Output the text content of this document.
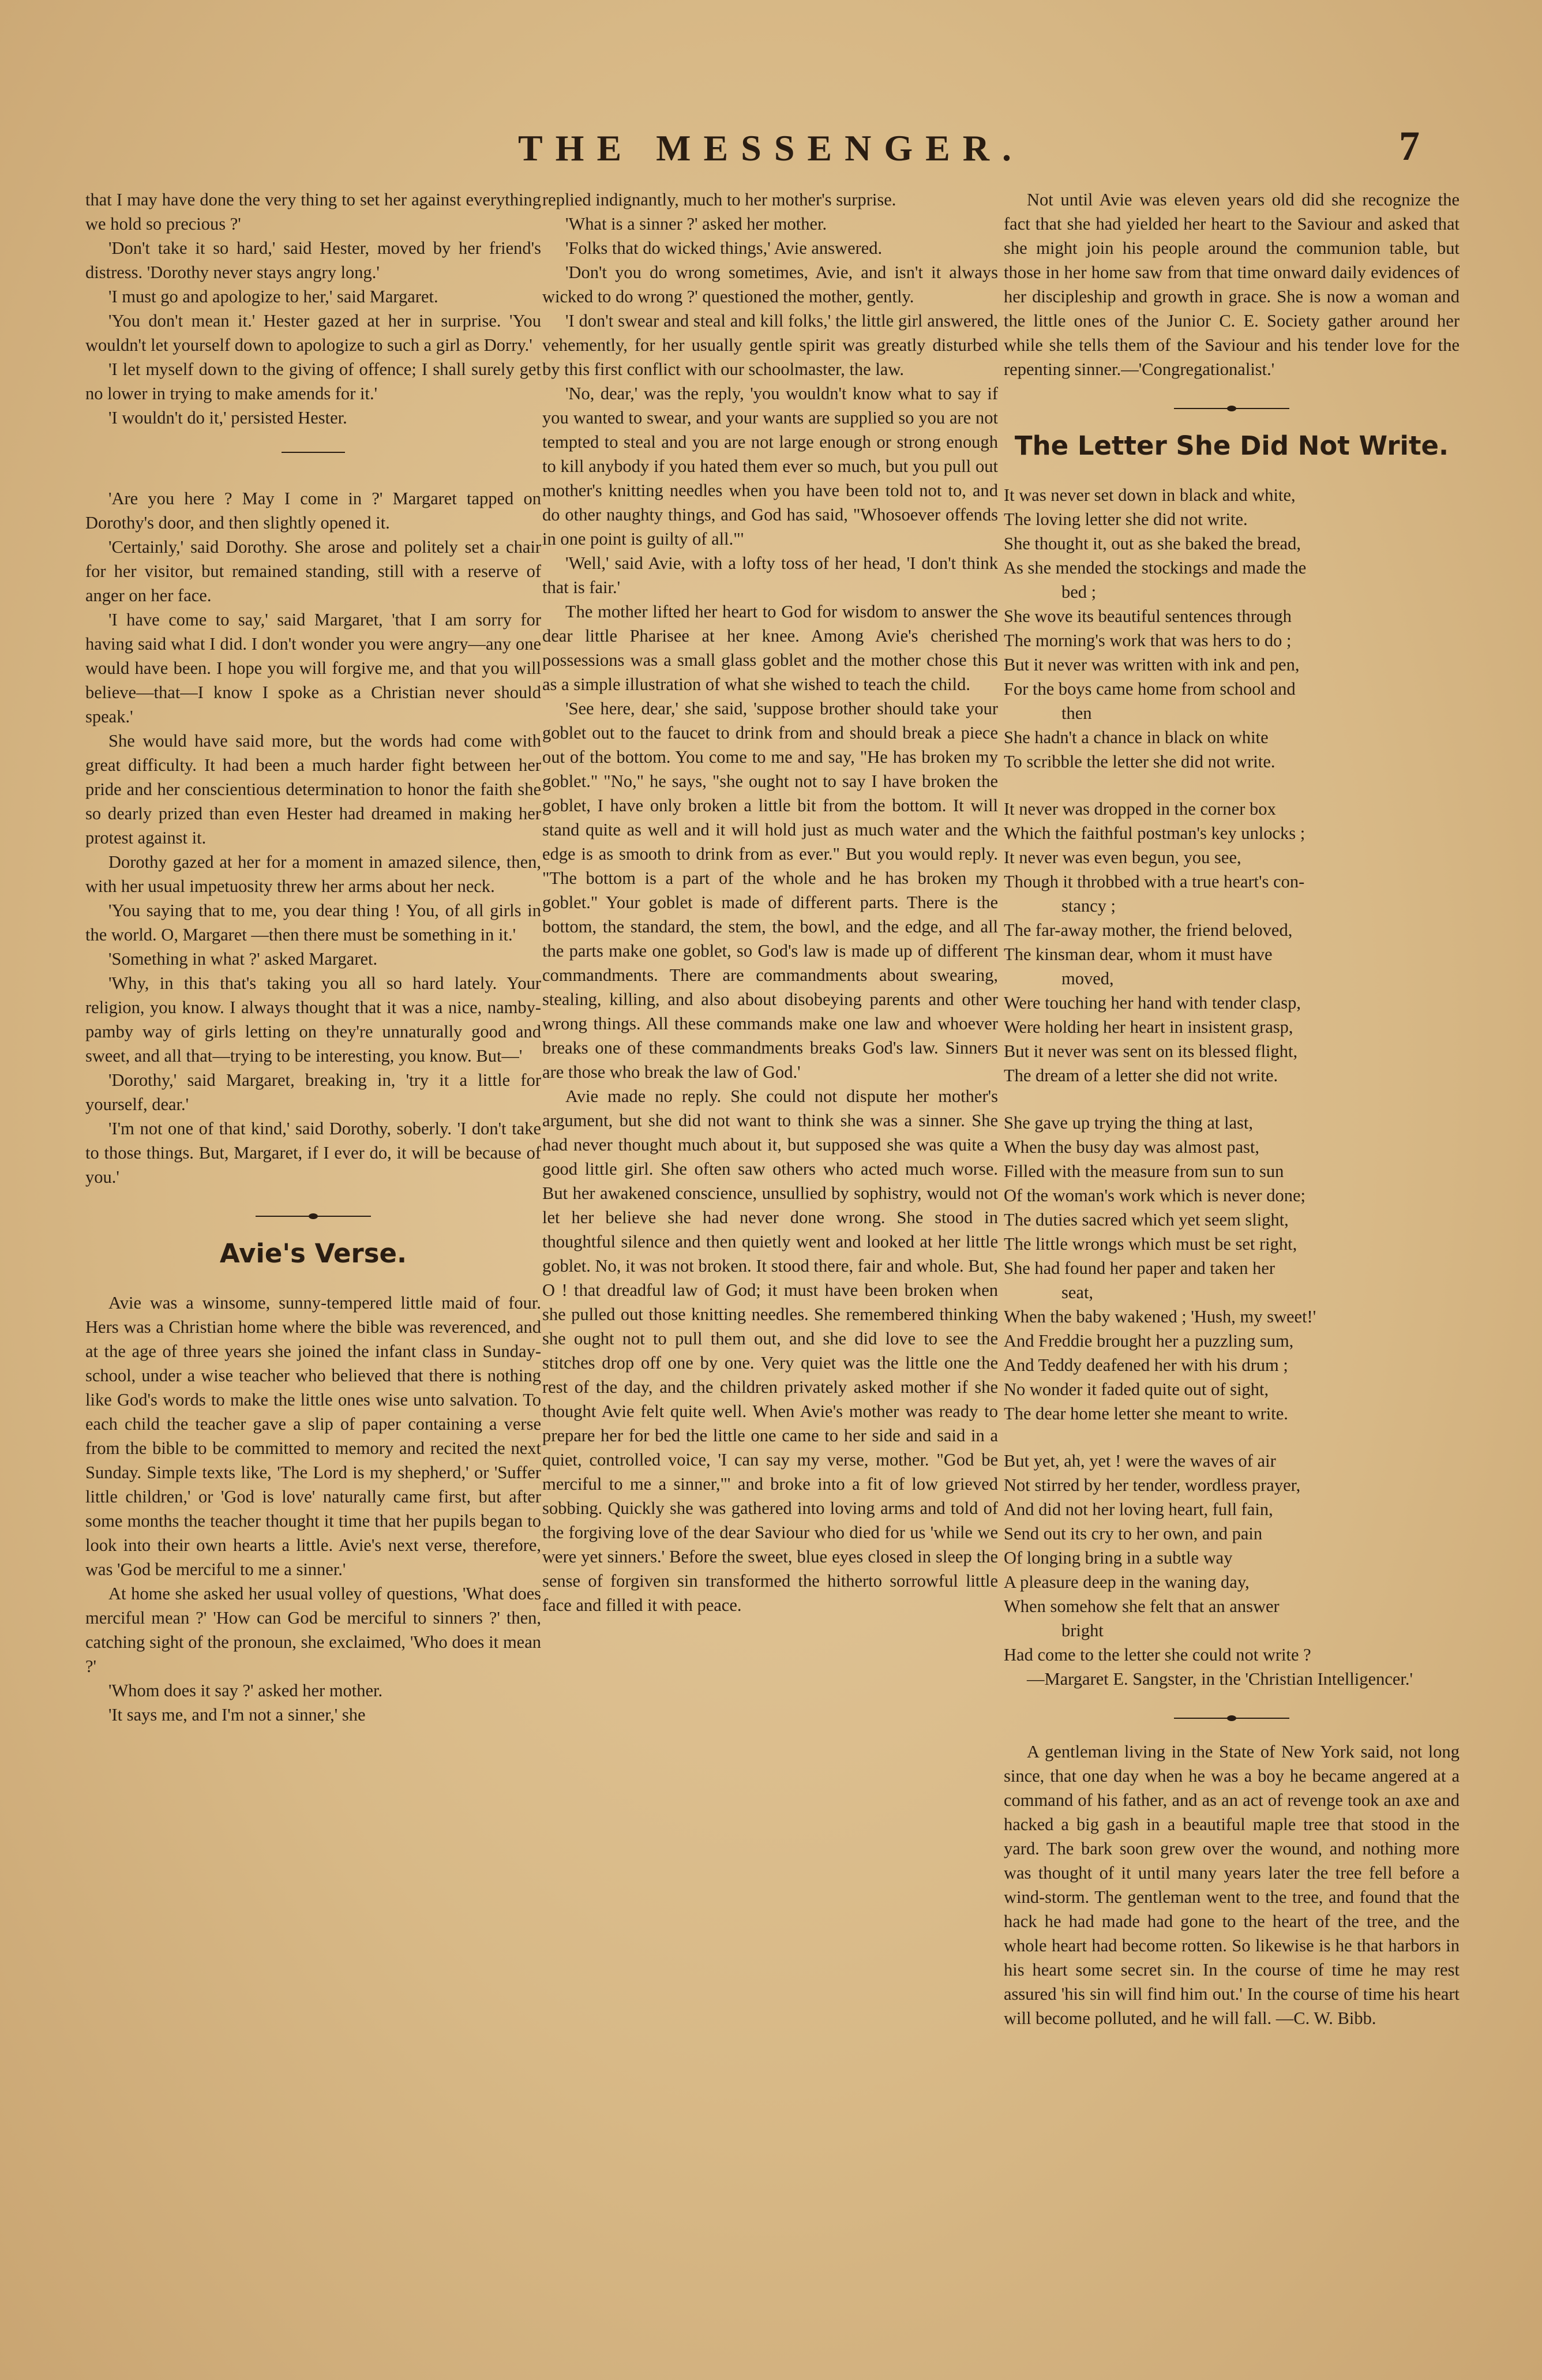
THE MESSENGER.	7

that I may have done the very thing to set her against everything we hold so precious ?'

'Don't take it so hard,' said Hester, moved by her friend's distress. 'Dorothy never stays angry long.'

'I must go and apologize to her,' said Margaret.

'You don't mean it.' Hester gazed at her in surprise. 'You wouldn't let yourself down to apologize to such a girl as Dorry.'

'I let myself down to the giving of offence; I shall surely get no lower in trying to make amends for it.'

'I wouldn't do it,' persisted Hester.

'Are you here ? May I come in ?' Margaret tapped on Dorothy's door, and then slightly opened it.

'Certainly,' said Dorothy. She arose and politely set a chair for her visitor, but remained standing, still with a reserve of anger on her face.

'I have come to say,' said Margaret, 'that I am sorry for having said what I did. I don't wonder you were angry—any one would have been. I hope you will forgive me, and that you will believe—that—I know I spoke as a Christian never should speak.'

She would have said more, but the words had come with great difficulty. It had been a much harder fight between her pride and her conscientious determination to honor the faith she so dearly prized than even Hester had dreamed in making her protest against it.

Dorothy gazed at her for a moment in amazed silence, then, with her usual impetuosity threw her arms about her neck.

'You saying that to me, you dear thing ! You, of all girls in the world. O, Margaret —then there must be something in it.'

'Something in what ?' asked Margaret.

'Why, in this that's taking you all so hard lately. Your religion, you know. I always thought that it was a nice, namby-pamby way of girls letting on they're unnaturally good and sweet, and all that—trying to be interesting, you know. But—'

'Dorothy,' said Margaret, breaking in, 'try it a little for yourself, dear.'

'I'm not one of that kind,' said Dorothy, soberly. 'I don't take to those things. But, Margaret, if I ever do, it will be because of you.'

Avie's Verse.

Avie was a winsome, sunny-tempered little maid of four. Hers was a Christian home where the bible was reverenced, and at the age of three years she joined the infant class in Sunday-school, under a wise teacher who believed that there is nothing like God's words to make the little ones wise unto salvation. To each child the teacher gave a slip of paper containing a verse from the bible to be committed to memory and recited the next Sunday. Simple texts like, 'The Lord is my shepherd,' or 'Suffer little children,' or 'God is love' naturally came first, but after some months the teacher thought it time that her pupils began to look into their own hearts a little. Avie's next verse, therefore, was 'God be merciful to me a sinner.'

At home she asked her usual volley of questions, 'What does merciful mean ?' 'How can God be merciful to sinners ?' then, catching sight of the pronoun, she exclaimed, 'Who does it mean ?'

'Whom does it say ?' asked her mother.

'It says me, and I'm not a sinner,' she

replied indignantly, much to her mother's surprise.

'What is a sinner ?' asked her mother.

'Folks that do wicked things,' Avie answered.

'Don't you do wrong sometimes, Avie, and isn't it always wicked to do wrong ?' questioned the mother, gently.

'I don't swear and steal and kill folks,' the little girl answered, vehemently, for her usually gentle spirit was greatly disturbed by this first conflict with our schoolmaster, the law.

'No, dear,' was the reply, 'you wouldn't know what to say if you wanted to swear, and your wants are supplied so you are not tempted to steal and you are not large enough or strong enough to kill anybody if you hated them ever so much, but you pull out mother's knitting needles when you have been told not to, and do other naughty things, and God has said, "Whosoever offends in one point is guilty of all."'

'Well,' said Avie, with a lofty toss of her head, 'I don't think that is fair.'

The mother lifted her heart to God for wisdom to answer the dear little Pharisee at her knee. Among Avie's cherished possessions was a small glass goblet and the mother chose this as a simple illustration of what she wished to teach the child.

'See here, dear,' she said, 'suppose brother should take your goblet out to the faucet to drink from and should break a piece out of the bottom. You come to me and say, "He has broken my goblet." "No," he says, "she ought not to say I have broken the goblet, I have only broken a little bit from the bottom. It will stand quite as well and it will hold just as much water and the edge is as smooth to drink from as ever." But you would reply. "The bottom is a part of the whole and he has broken my goblet." Your goblet is made of different parts. There is the bottom, the standard, the stem, the bowl, and the edge, and all the parts make one goblet, so God's law is made up of different commandments. There are commandments about swearing, stealing, killing, and also about disobeying parents and other wrong things. All these commands make one law and whoever breaks one of these commandments breaks God's law. Sinners are those who break the law of God.'

Avie made no reply. She could not dispute her mother's argument, but she did not want to think she was a sinner. She had never thought much about it, but supposed she was quite a good little girl. She often saw others who acted much worse. But her awakened conscience, unsullied by sophistry, would not let her believe she had never done wrong. She stood in thoughtful silence and then quietly went and looked at her little goblet. No, it was not broken. It stood there, fair and whole. But, O ! that dreadful law of God; it must have been broken when she pulled out those knitting needles. She remembered thinking she ought not to pull them out, and she did love to see the stitches drop off one by one. Very quiet was the little one the rest of the day, and the children privately asked mother if she thought Avie felt quite well. When Avie's mother was ready to prepare her for bed the little one came to her side and said in a quiet, controlled voice, 'I can say my verse, mother. "God be merciful to me a sinner,"' and broke into a fit of low grieved sobbing. Quickly she was gathered into loving arms and told of the forgiving love of the dear Saviour who died for us 'while we were yet sinners.' Before the sweet, blue eyes closed in sleep the sense of forgiven sin transformed the hitherto sorrowful little face and filled it with peace.

Not until Avie was eleven years old did she recognize the fact that she had yielded her heart to the Saviour and asked that she might join his people around the communion table, but those in her home saw from that time onward daily evidences of her discipleship and growth in grace. She is now a woman and the little ones of the Junior C. E. Society gather around her while she tells them of the Saviour and his tender love for the repenting sinner.—'Congregationalist.'

The Letter She Did Not Write.
It was never set down in black and white,
The loving letter she did not write.
She thought it, out as she baked the bread,
As she mended the stockings and made the
bed ;
She wove its beautiful sentences through
The morning's work that was hers to do ;
But it never was written with ink and pen,
For the boys came home from school and
then
She hadn't a chance in black on white
To scribble the letter she did not write.
It never was dropped in the corner box
Which the faithful postman's key unlocks ;
It never was even begun, you see,
Though it throbbed with a true heart's con-
stancy ;
The far-away mother, the friend beloved,
The kinsman dear, whom it must have
moved,
Were touching her hand with tender clasp,
Were holding her heart in insistent grasp,
But it never was sent on its blessed flight,
The dream of a letter she did not write.
She gave up trying the thing at last,
When the busy day was almost past,
Filled with the measure from sun to sun
Of the woman's work which is never done;
The duties sacred which yet seem slight,
The little wrongs which must be set right,
She had found her paper and taken her
seat,
When the baby wakened ; 'Hush, my sweet!'
And Freddie brought her a puzzling sum,
And Teddy deafened her with his drum ;
No wonder it faded quite out of sight,
The dear home letter she meant to write.
But yet, ah, yet ! were the waves of air
Not stirred by her tender, wordless prayer,
And did not her loving heart, full fain,
Send out its cry to her own, and pain
Of longing bring in a subtle way
A pleasure deep in the waning day,
When somehow she felt that an answer
bright
Had come to the letter she could not write ?

—Margaret E. Sangster, in the 'Christian Intelligencer.'

A gentleman living in the State of New York said, not long since, that one day when he was a boy he became angered at a command of his father, and as an act of revenge took an axe and hacked a big gash in a beautiful maple tree that stood in the yard. The bark soon grew over the wound, and nothing more was thought of it until many years later the tree fell before a wind-storm. The gentleman went to the tree, and found that the hack he had made had gone to the heart of the tree, and the whole heart had become rotten. So likewise is he that harbors in his heart some secret sin. In the course of time he may rest assured 'his sin will find him out.' In the course of time his heart will become polluted, and he will fall. —C. W. Bibb.
